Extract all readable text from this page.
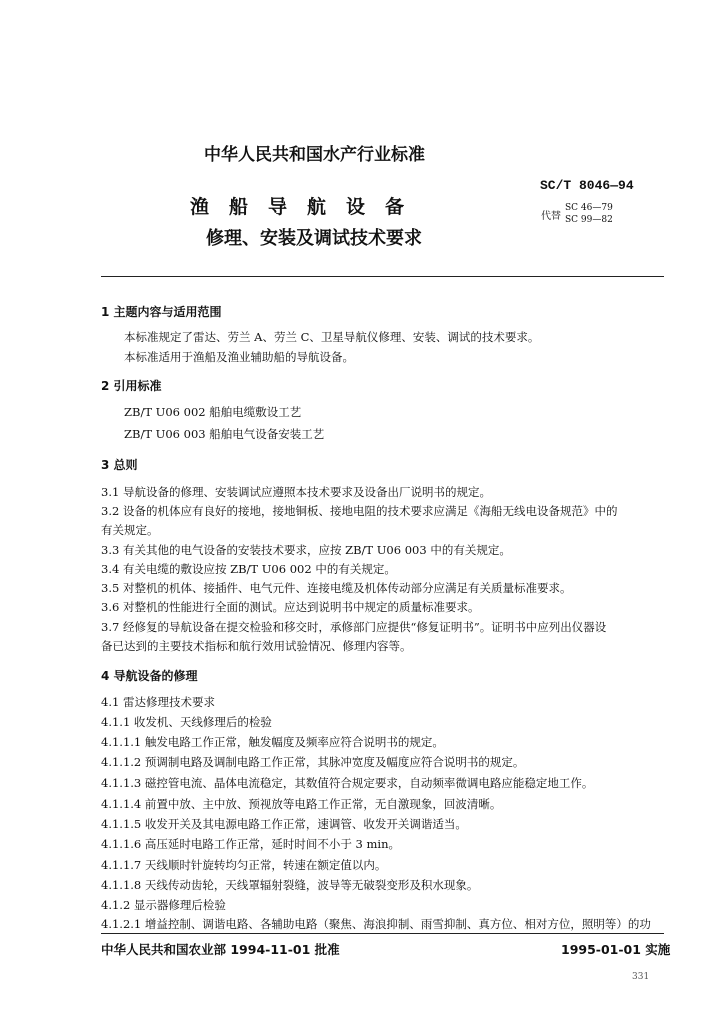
中华人民共和国水产行业标准
SC/T 8046—94
代替
SC 46—79
SC 99—82
渔船导航设备
修理、安装及调试技术要求
1 主题内容与适用范围
本标准规定了雷达、劳兰 A、劳兰 C、卫星导航仪修理、安装、调试的技术要求。
本标准适用于渔船及渔业辅助船的导航设备。
2 引用标准
ZB/T U06 002 船舶电缆敷设工艺
ZB/T U06 003 船舶电气设备安装工艺
3 总则
3.1 导航设备的修理、安装调试应遵照本技术要求及设备出厂说明书的规定。
3.2 设备的机体应有良好的接地，接地铜板、接地电阻的技术要求应满足《海船无线电设备规范》中的
有关规定。
3.3 有关其他的电气设备的安装技术要求，应按 ZB/T U06 003 中的有关规定。
3.4 有关电缆的敷设应按 ZB/T U06 002 中的有关规定。
3.5 对整机的机体、接插件、电气元件、连接电缆及机体传动部分应满足有关质量标准要求。
3.6 对整机的性能进行全面的测试。应达到说明书中规定的质量标准要求。
3.7 经修复的导航设备在提交检验和移交时，承修部门应提供“修复证明书”。证明书中应列出仪器设
备已达到的主要技术指标和航行效用试验情况、修理内容等。
4 导航设备的修理
4.1 雷达修理技术要求
4.1.1 收发机、天线修理后的检验
4.1.1.1 触发电路工作正常，触发幅度及频率应符合说明书的规定。
4.1.1.2 预调制电路及调制电路工作正常，其脉冲宽度及幅度应符合说明书的规定。
4.1.1.3 磁控管电流、晶体电流稳定，其数值符合规定要求，自动频率微调电路应能稳定地工作。
4.1.1.4 前置中放、主中放、预视放等电路工作正常，无自激现象，回波清晰。
4.1.1.5 收发开关及其电源电路工作正常，速调管、收发开关调谐适当。
4.1.1.6 高压延时电路工作正常，延时时间不小于 3 min。
4.1.1.7 天线顺时针旋转均匀正常，转速在额定值以内。
4.1.1.8 天线传动齿轮，天线罩辐射裂缝，波导等无破裂变形及积水现象。
4.1.2 显示器修理后检验
4.1.2.1 增益控制、调谐电路、各辅助电路（聚焦、海浪抑制、雨雪抑制、真方位、相对方位，照明等）的功
中华人民共和国农业部 1994-11-01 批准	1995-01-01 实施
331
